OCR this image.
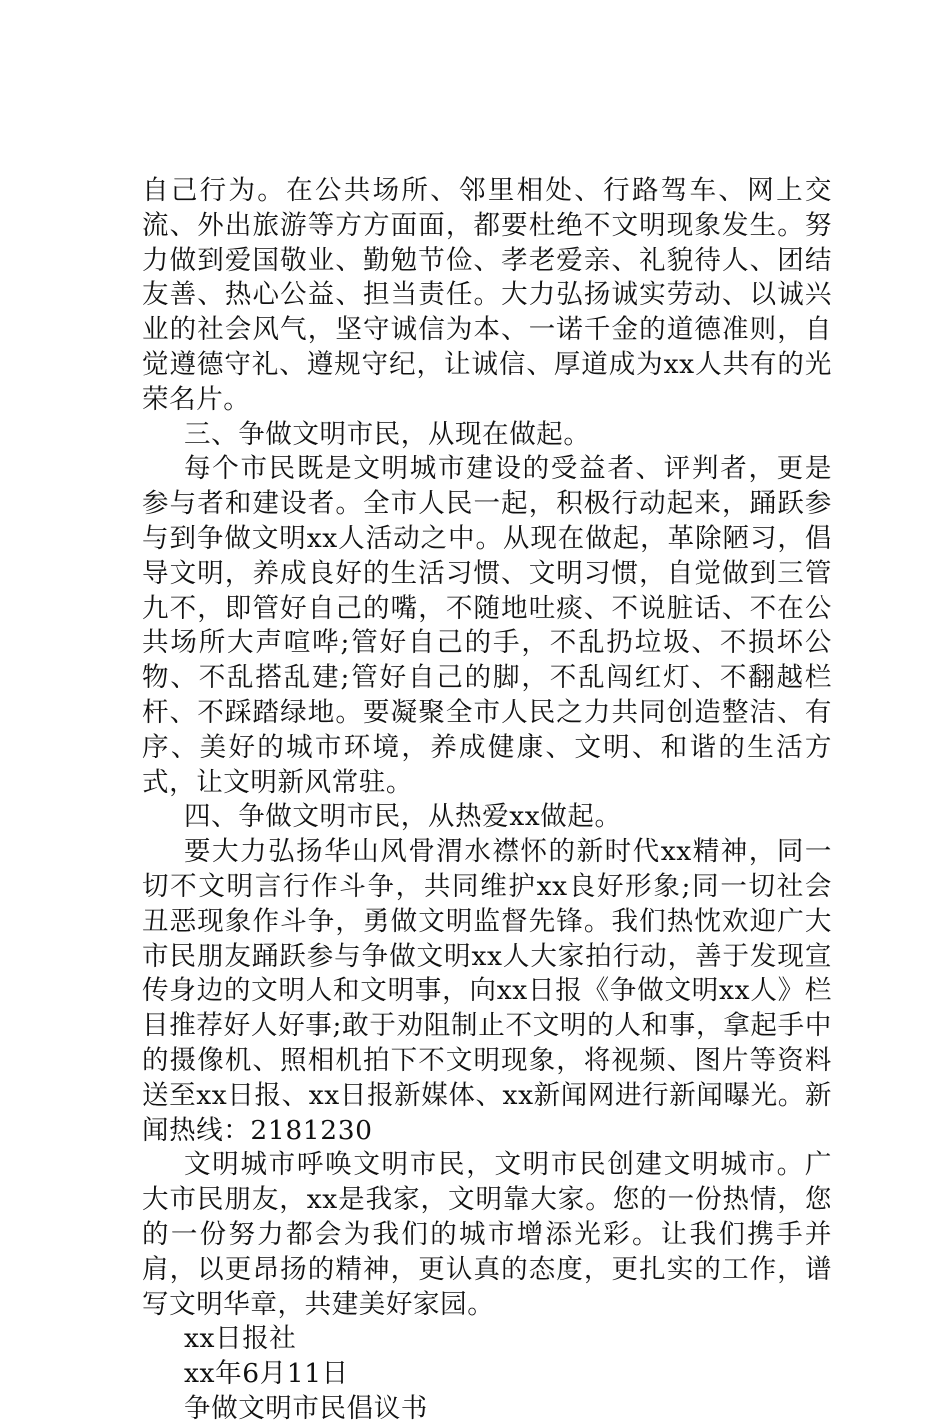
自己行为。在公共场所、邻里相处、行路驾车、网上交流、外出旅游等方方面面，都要杜绝不文明现象发生。努力做到爱国敬业、勤勉节俭、孝老爱亲、礼貌待人、团结友善、热心公益、担当责任。大力弘扬诚实劳动、以诚兴业的社会风气，坚守诚信为本、一诺千金的道德准则，自觉遵德守礼、遵规守纪，让诚信、厚道成为xx人共有的光荣名片。

三、争做文明市民，从现在做起。

每个市民既是文明城市建设的受益者、评判者，更是参与者和建设者。全市人民一起，积极行动起来，踊跃参与到争做文明xx人活动之中。从现在做起，革除陋习，倡导文明，养成良好的生活习惯、文明习惯，自觉做到三管九不，即管好自己的嘴，不随地吐痰、不说脏话、不在公共场所大声喧哗;管好自己的手，不乱扔垃圾、不损坏公物、不乱搭乱建;管好自己的脚，不乱闯红灯、不翻越栏杆、不踩踏绿地。要凝聚全市人民之力共同创造整洁、有序、美好的城市环境，养成健康、文明、和谐的生活方式，让文明新风常驻。

四、争做文明市民，从热爱xx做起。

要大力弘扬华山风骨渭水襟怀的新时代xx精神，同一切不文明言行作斗争，共同维护xx良好形象;同一切社会丑恶现象作斗争，勇做文明监督先锋。我们热忱欢迎广大市民朋友踊跃参与争做文明xx人大家拍行动，善于发现宣传身边的文明人和文明事，向xx日报《争做文明xx人》栏目推荐好人好事;敢于劝阻制止不文明的人和事，拿起手中的摄像机、照相机拍下不文明现象，将视频、图片等资料送至xx日报、xx日报新媒体、xx新闻网进行新闻曝光。新闻热线：2181230

文明城市呼唤文明市民，文明市民创建文明城市。广大市民朋友，xx是我家，文明靠大家。您的一份热情，您的一份努力都会为我们的城市增添光彩。让我们携手并肩，以更昂扬的精神，更认真的态度，更扎实的工作，谱写文明华章，共建美好家园。

xx日报社

xx年6月11日

争做文明市民倡议书
